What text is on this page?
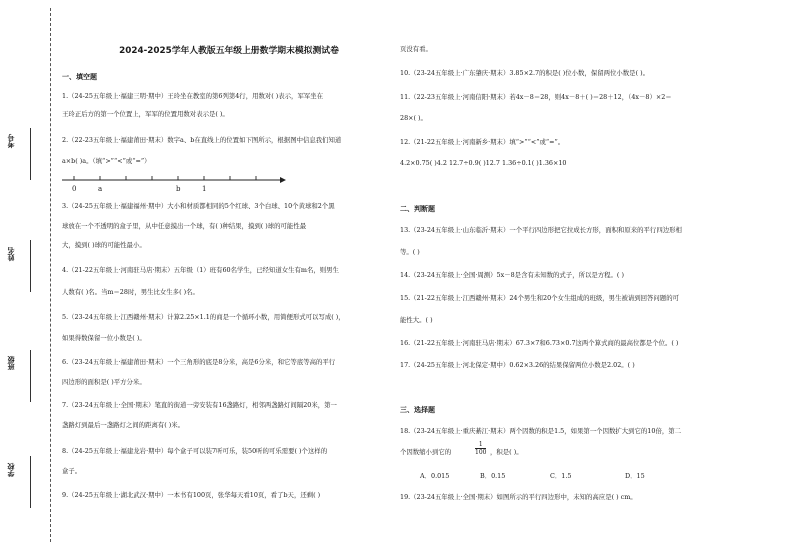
考号
姓名
班级
学校
2024-2025学年人教版五年级上册数学期末模拟测试卷
一、填空题
1.（24-25五年级上·福建三明·期中）王玲坐在教室的第6列第4行，用数对( )表示，军军坐在
王玲正后方的第一个位置上，军军的位置用数对表示是( )。
2.（22-23五年级上·福建莆田·期末）数字a、b在直线上的位置如下图所示，根据图中信息我们知道
a×b( )a。（填“>”“<”或“=”）
0	a	b	1
3.（24-25五年级上·福建福州·期中）大小和材质都相同的5个红球、3个白球、10个黄球和2个黑
球放在一个不透明的盒子里，从中任意摸出一个球，有( )种结果，摸到( )球的可能性最
大，摸到( )球的可能性最小。
4.（21-22五年级上·河南驻马店·期末）五年级（1）班有60名学生，已经知道女生有m名，则男生
人数有( )名。当m＝28时，男生比女生多( )名。
5.（23-24五年级上·江西赣州·期末）计算2.25×1.1的商是一个循环小数，用简便形式可以写成( )，
如果得数保留一位小数是( )。
6.（23-24五年级上·福建莆田·期末）一个三角形的底是8分米，高是6分米，和它等底等高的平行
四边形的面积是( )平方分米。
7.（23-24五年级上·全国·期末）笔直的街道一旁安装有16盏路灯，相邻两盏路灯间隔20米，第一
盏路灯到最后一盏路灯之间的距离有( )米。
8.（24-25五年级上·福建龙岩·期中）每个盒子可以装7听可乐，装50听的可乐需要( )个这样的
盒子。
9.（24-25五年级上·湖北武汉·期中）一本书有100页，张华每天看10页，看了b天，还剩( )
页没有看。
10.（23-24五年级上·广东肇庆·期末）3.85×2.7的积是( )位小数，保留两位小数是( )。
11.（22-23五年级上·河南信阳·期末）若4x－8＝28，则4x－8＋( )＝28＋12，（4x－8）×2＝
28×( )。
12.（21-22五年级上·河南新乡·期末）填“>”“<”或“=”。
4.2×0.75( )4.2 12.7÷0.9( )12.7 1.36÷0.1( )1.36×10
二、判断题
13.（23-24五年级上·山东临沂·期末）一个平行四边形把它拉成长方形，面积和原来的平行四边形相
等。( )
14.（23-24五年级上·全国·周测）5x－8是含有未知数的式子，所以是方程。( )
15.（21-22五年级上·江西赣州·期末）24个男生和20个女生组成的班级，男生被请到回答问题的可
能性大。( )
16.（21-22五年级上·河南驻马店·期末）67.3×7和6.73×0.7这两个算式商的最高位都是个位。( )
17.（24-25五年级上·河北保定·期中）0.62×3.26的结果保留两位小数是2.02。( )
三、选择题
18.（23-24五年级上·重庆綦江·期末）两个因数的积是1.5，如果第一个因数扩大到它的10倍，第二
个因数缩小到它的	$\frac{1}{100}$ ，积是( )。
A．0.015	B．0.15	C．1.5	D．15
19.（23-24五年级上·全国·期末）如图所示的平行四边形中，未知的高应是( ) cm。
